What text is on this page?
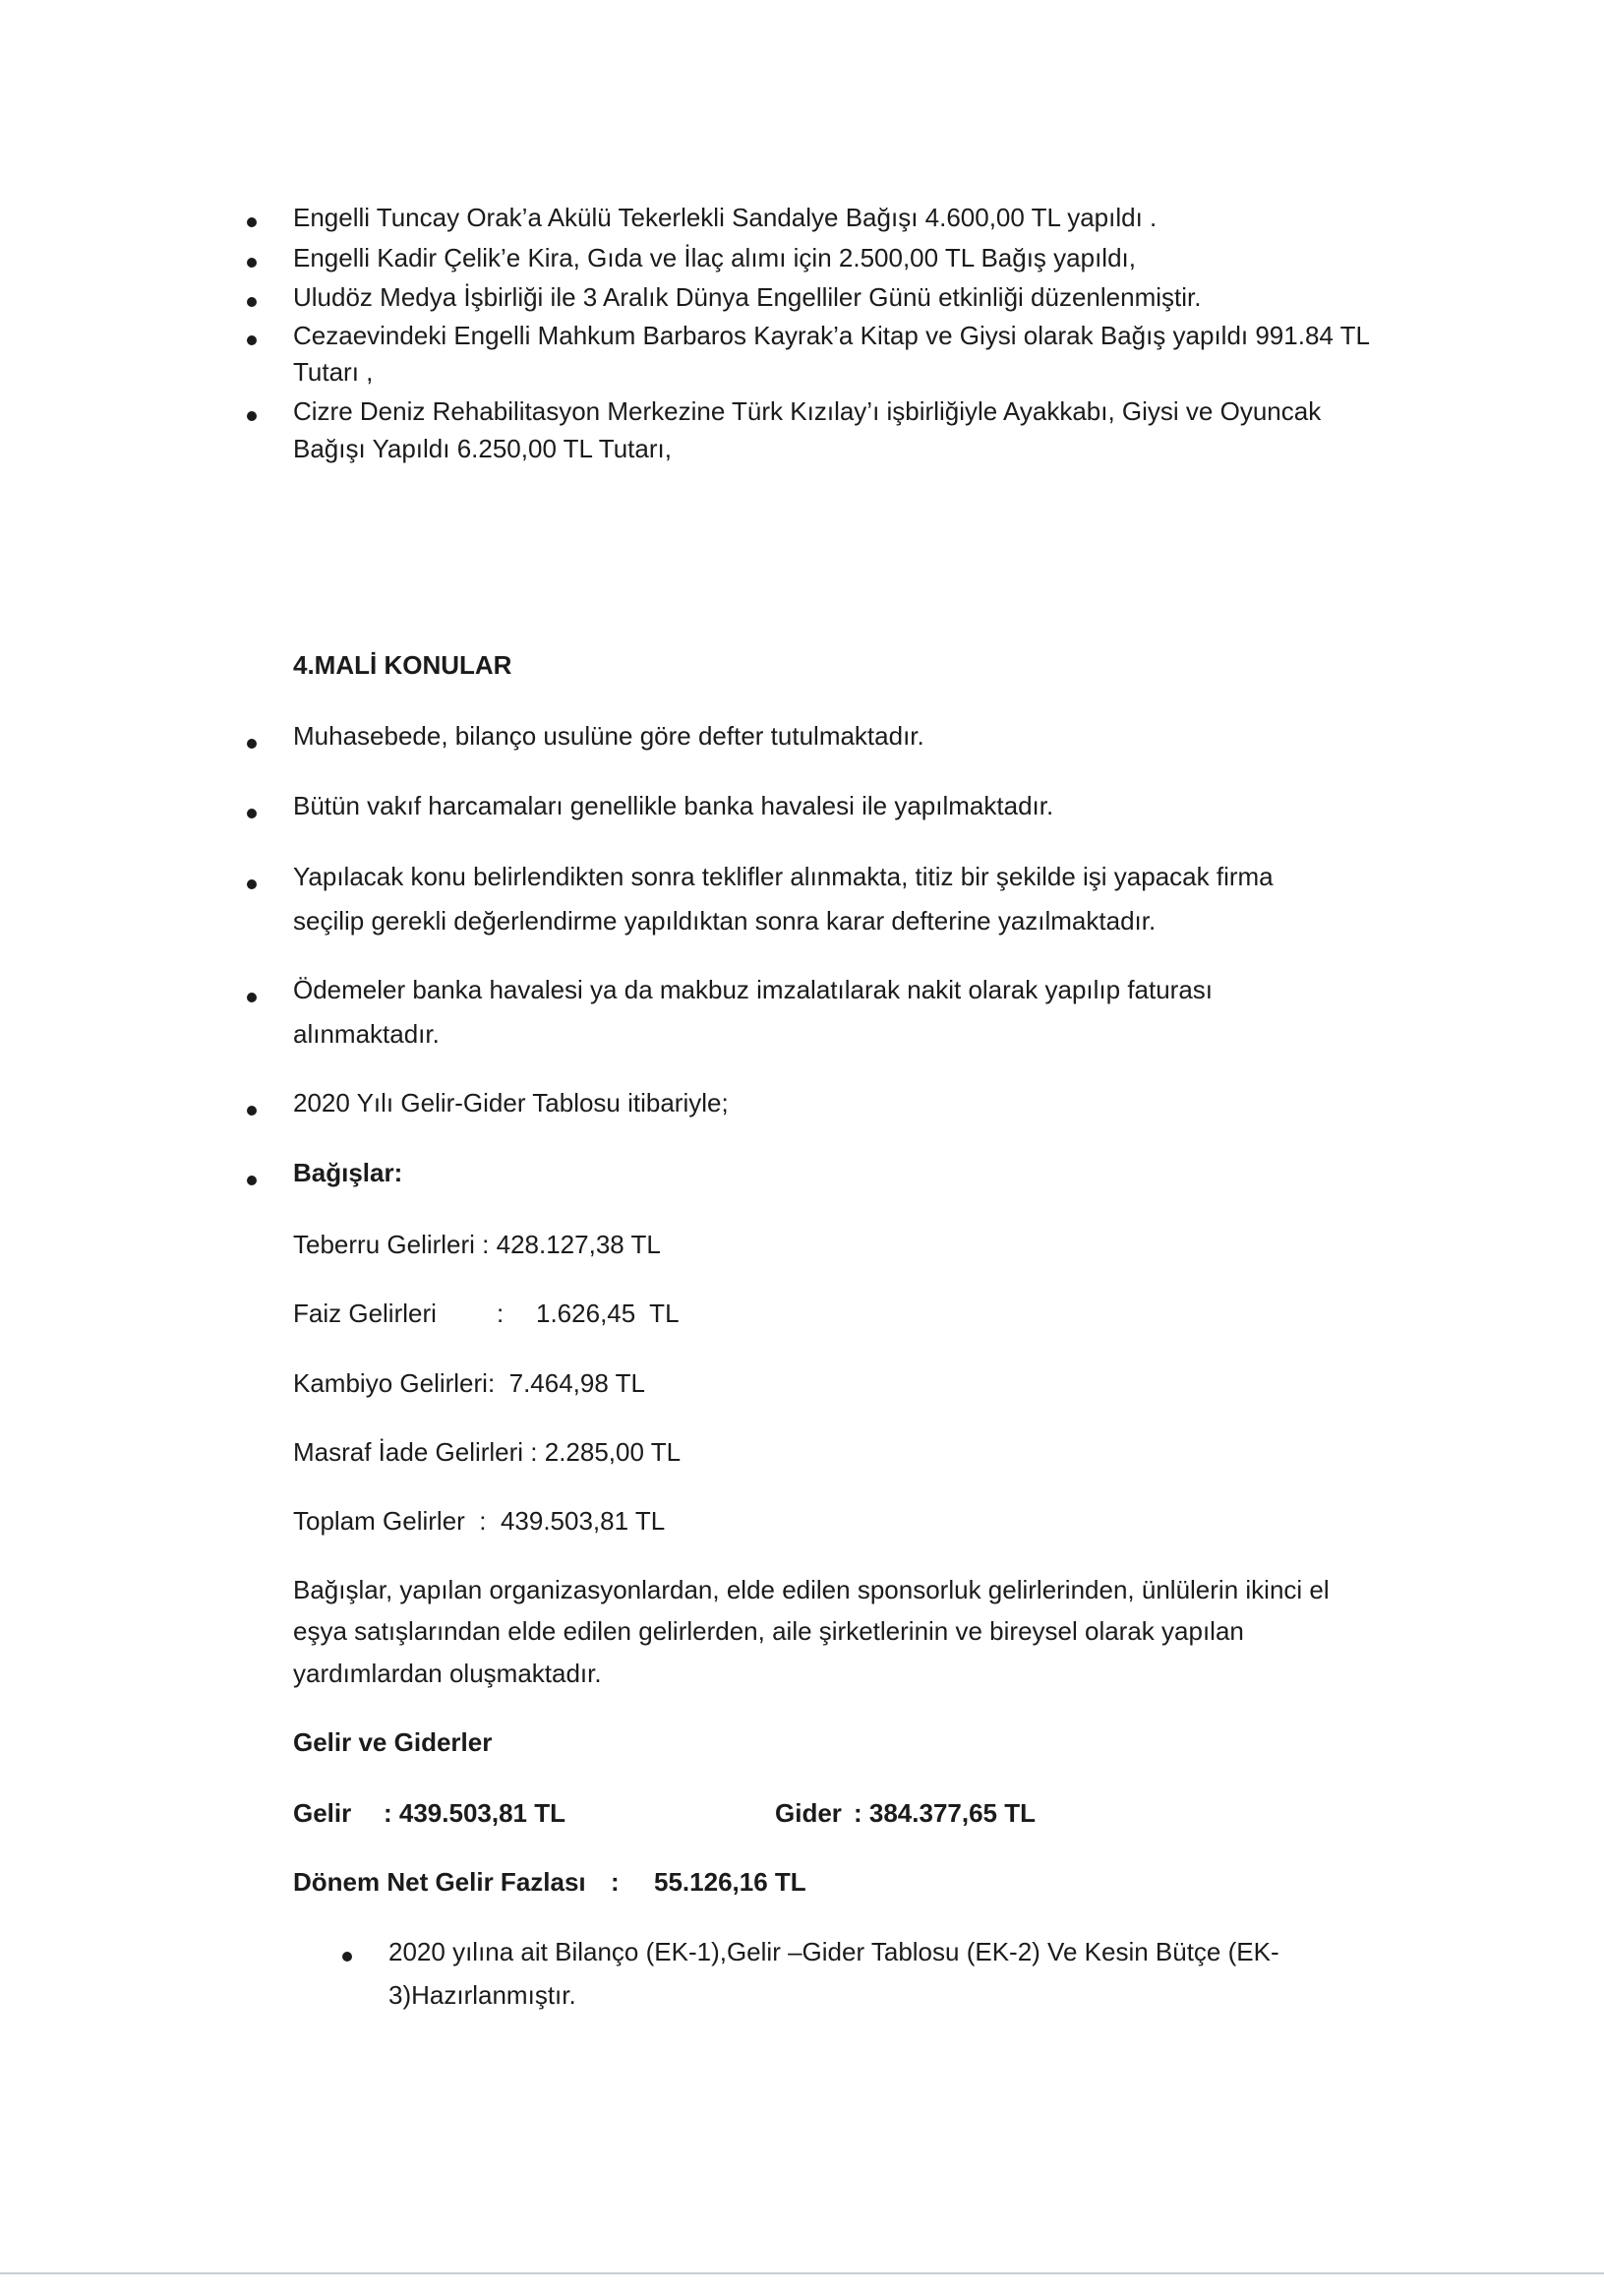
Engelli Tuncay Orak’a Akülü Tekerlekli Sandalye Bağışı 4.600,00 TL yapıldı .
Engelli Kadir Çelik’e Kira, Gıda ve İlaç alımı için 2.500,00 TL Bağış yapıldı,
Uludöz Medya İşbirliği ile 3 Aralık Dünya Engelliler Günü etkinliği düzenlenmiştir.
Cezaevindeki Engelli Mahkum Barbaros Kayrak’a Kitap ve Giysi olarak Bağış yapıldı 991.84 TL
Tutarı ,
Cizre Deniz Rehabilitasyon Merkezine Türk Kızılay’ı işbirliğiyle Ayakkabı, Giysi ve Oyuncak
Bağışı Yapıldı 6.250,00 TL Tutarı,
4.MALİ KONULAR
Muhasebede, bilanço usulüne göre defter tutulmaktadır.
Bütün vakıf harcamaları genellikle banka havalesi ile yapılmaktadır.
Yapılacak konu belirlendikten sonra teklifler alınmakta, titiz bir şekilde işi yapacak firma
seçilip gerekli değerlendirme yapıldıktan sonra karar defterine yazılmaktadır.
Ödemeler banka havalesi ya da makbuz imzalatılarak nakit olarak yapılıp faturası
alınmaktadır.
2020 Yılı Gelir-Gider Tablosu itibariyle;
Bağışlar:
Teberru Gelirleri : 428.127,38 TL
Faiz Gelirleri : 1.626,45  TL
Kambiyo Gelirleri:  7.464,98 TL
Masraf İade Gelirleri : 2.285,00 TL
Toplam Gelirler  :  439.503,81 TL
Bağışlar, yapılan organizasyonlardan, elde edilen sponsorluk gelirlerinden, ünlülerin ikinci el
eşya satışlarından elde edilen gelirlerden, aile şirketlerinin ve bireysel olarak yapılan
yardımlardan oluşmaktadır.
Gelir ve Giderler
Gelir : 439.503,81 TL	Gider : 384.377,65 TL
Dönem Net Gelir Fazlası : 55.126,16 TL
2020 yılına ait Bilanço (EK-1),Gelir –Gider Tablosu (EK-2) Ve Kesin Bütçe (EK-
3)Hazırlanmıştır.
